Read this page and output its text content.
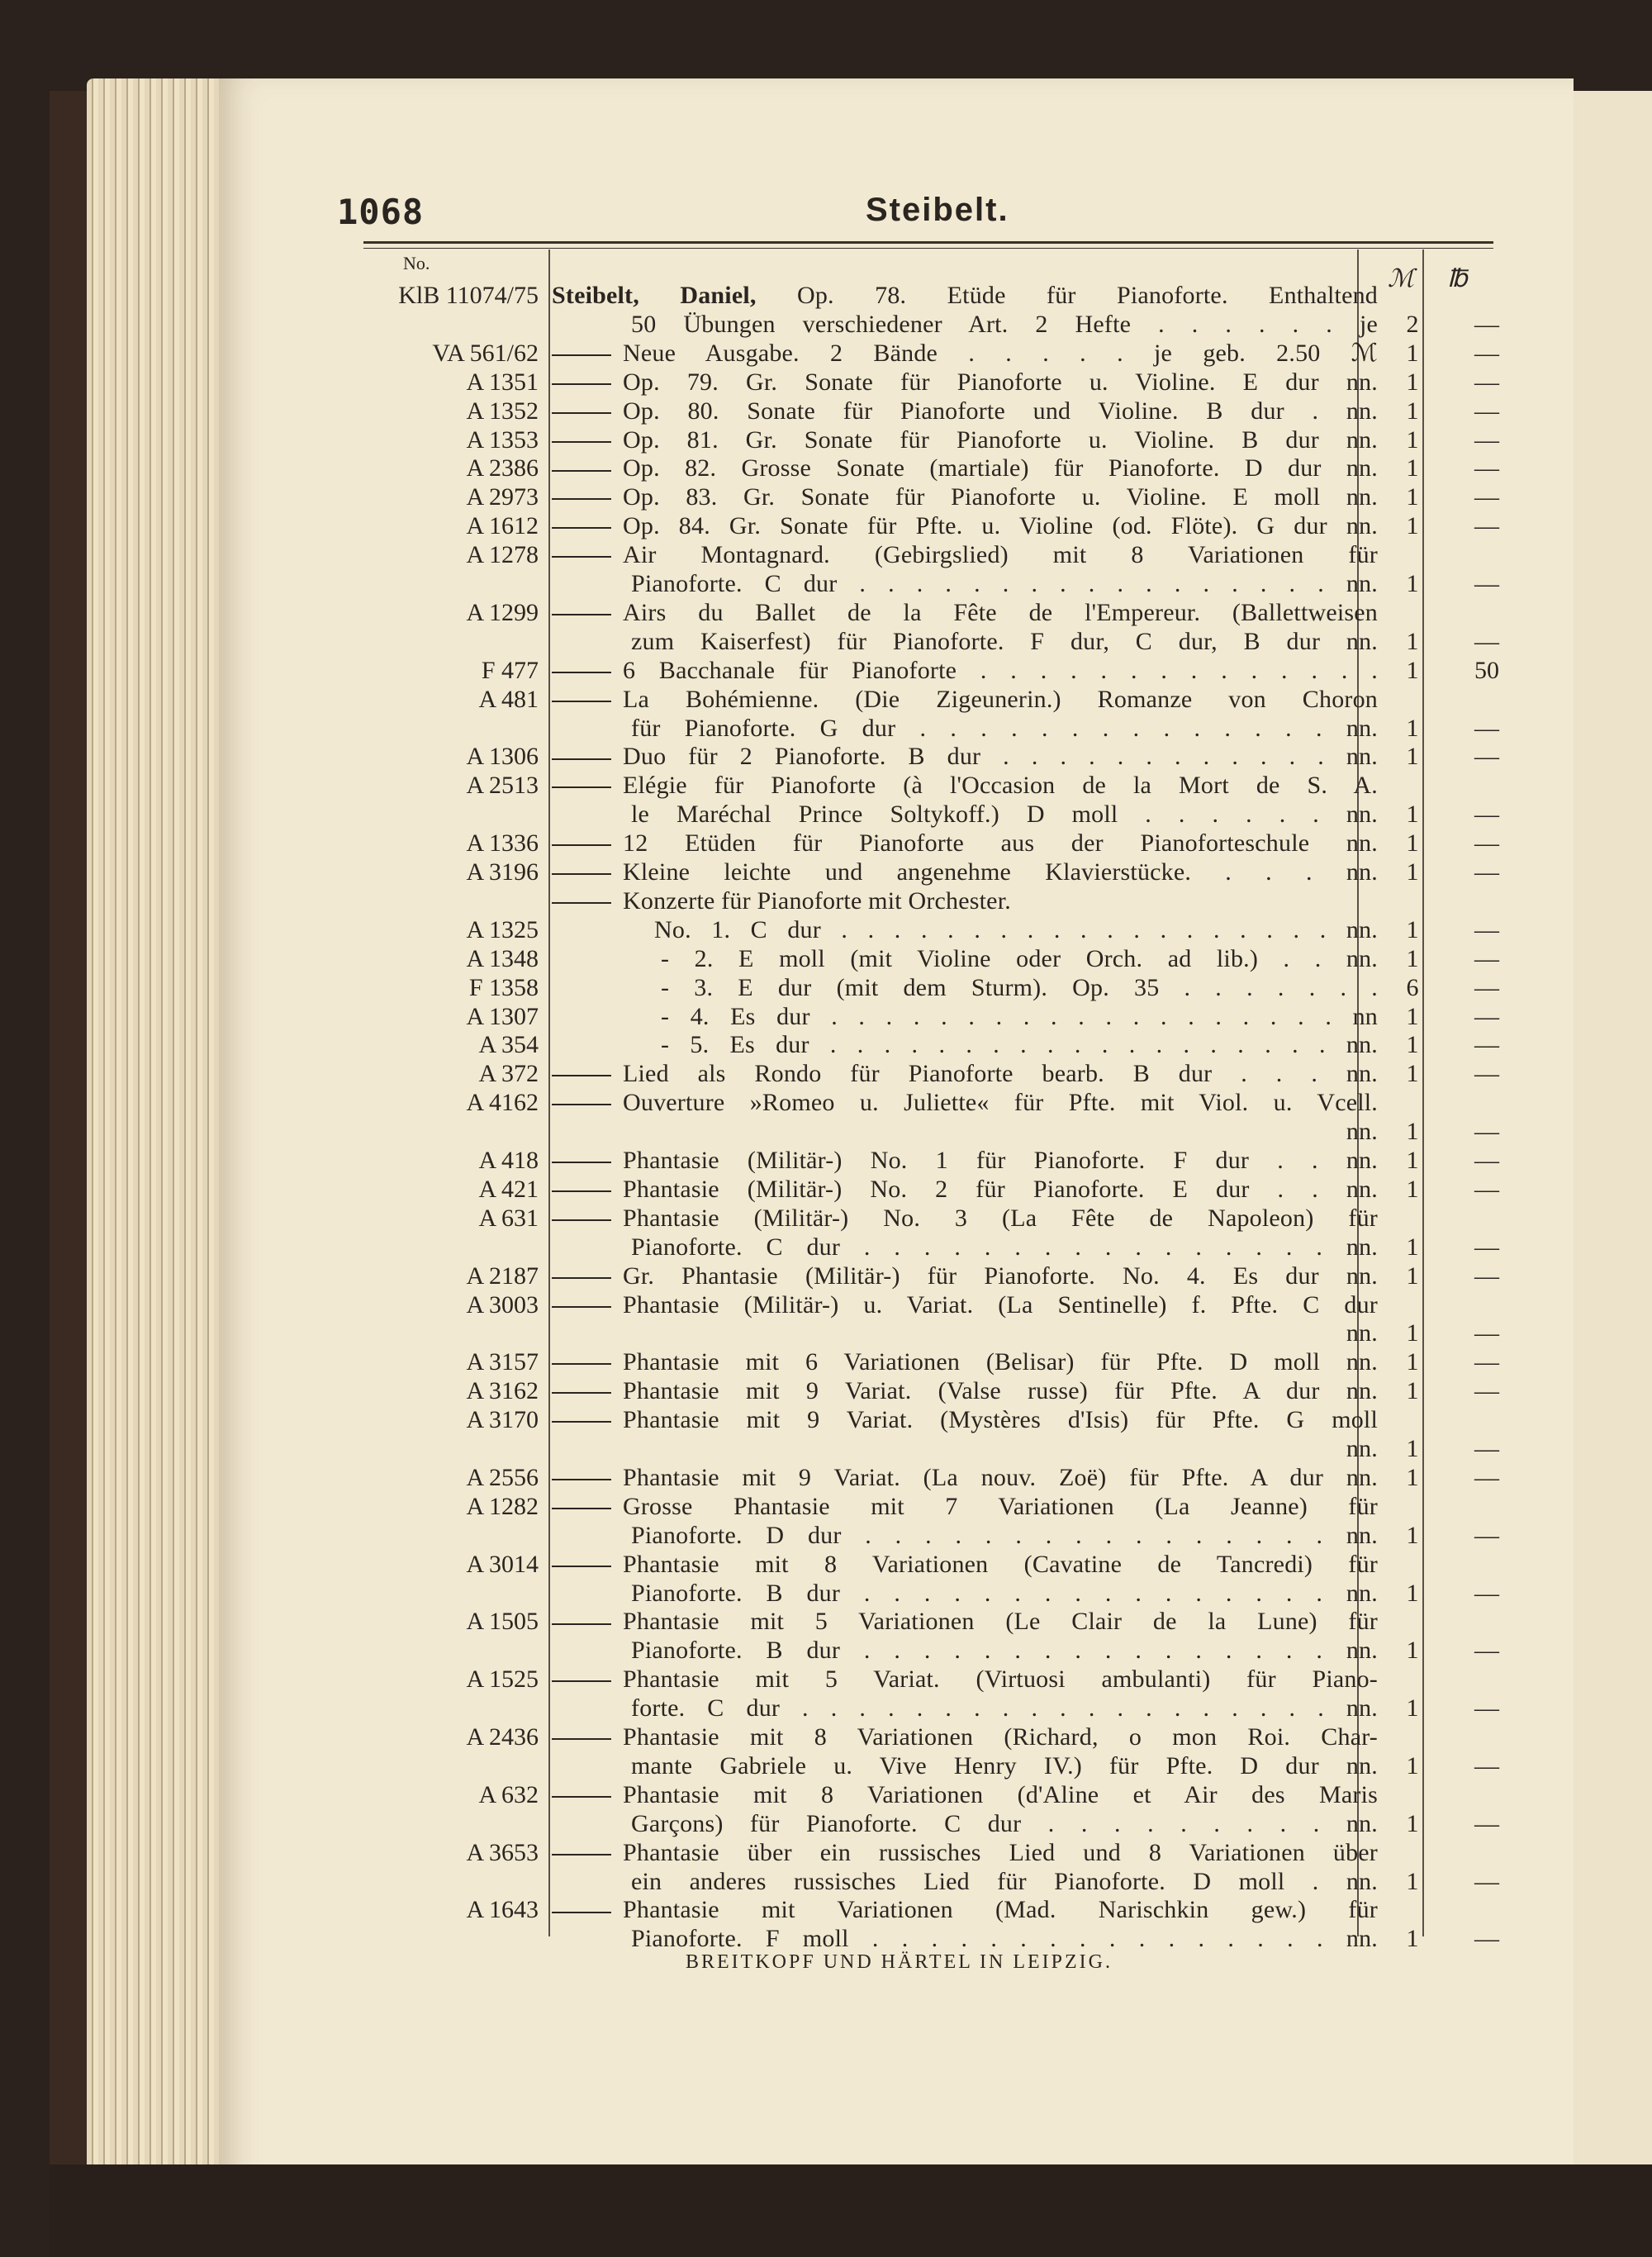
1068	Steibelt.
No.
ℳ ℔
KlB 11074/75 Steibelt, Daniel, Op. 78. Etüde für Pianoforte. Enthaltend
50 Übungen verschiedener Art. 2 Hefte . . . . . . je	2	—
VA 561/62	Neue Ausgabe. 2 Bände . . . . . je geb. 2.50 ℳ	1	—
A 1351	Op. 79. Gr. Sonate für Pianoforte u. Violine. E dur nn.	1	—
A 1352	Op. 80. Sonate für Pianoforte und Violine. B dur . nn.	1	—
A 1353	Op. 81. Gr. Sonate für Pianoforte u. Violine. B dur nn.	1	—
A 2386	Op. 82. Grosse Sonate (martiale) für Pianoforte. D dur nn.	1	—
A 2973	Op. 83. Gr. Sonate für Pianoforte u. Violine. E moll nn.	1	—
A 1612	Op. 84. Gr. Sonate für Pfte. u. Violine (od. Flöte). G dur nn.	1	—
A 1278	Air Montagnard. (Gebirgslied) mit 8 Variationen für
Pianoforte. C dur . . . . . . . . . . . . . . . . . nn.	1	—
A 1299	Airs du Ballet de la Fête de l'Empereur. (Ballettweisen
zum Kaiserfest) für Pianoforte. F dur, C dur, B dur nn.	1	—
F 477	6 Bacchanale für Pianoforte . . . . . . . . . . . . . .	1	50
A 481	La Bohémienne. (Die Zigeunerin.) Romanze von Choron
für Pianoforte. G dur . . . . . . . . . . . . . . nn.	1	—
A 1306	Duo für 2 Pianoforte. B dur . . . . . . . . . . . . nn.	1	—
A 2513	Elégie für Pianoforte (à l'Occasion de la Mort de S. A.
le Maréchal Prince Soltykoff.) D moll . . . . . . nn.	1	—
A 1336	12 Etüden für Pianoforte aus der Pianoforteschule nn.	1	—
A 3196	Kleine leichte und angenehme Klavierstücke. . . . nn.	1	—
Konzerte für Pianoforte mit Orchester.
A 1325	No. 1. C dur . . . . . . . . . . . . . . . . . . . nn.	1	—
A 1348	- 2. E moll (mit Violine oder Orch. ad lib.) . . nn.	1	—
F 1358	- 3. E dur (mit dem Sturm). Op. 35 . . . . . . .	6	—
A 1307	- 4. Es dur . . . . . . . . . . . . . . . . . . . nn	1	—
A 354	- 5. Es dur . . . . . . . . . . . . . . . . . . . nn.	1	—
A 372	Lied als Rondo für Pianoforte bearb. B dur . . . nn.	1	—
A 4162	Ouverture »Romeo u. Juliette« für Pfte. mit Viol. u. Vcell.
nn.	1	—
A 418	Phantasie (Militär-) No. 1 für Pianoforte. F dur . . nn.	1	—
A 421	Phantasie (Militär-) No. 2 für Pianoforte. E dur . . nn.	1	—
A 631	Phantasie (Militär-) No. 3 (La Fête de Napoleon) für
Pianoforte. C dur . . . . . . . . . . . . . . . . nn.	1	—
A 2187	Gr. Phantasie (Militär-) für Pianoforte. No. 4. Es dur nn.	1	—
A 3003	Phantasie (Militär-) u. Variat. (La Sentinelle) f. Pfte. C dur
nn.	1	—
A 3157	Phantasie mit 6 Variationen (Belisar) für Pfte. D moll nn.	1	—
A 3162	Phantasie mit 9 Variat. (Valse russe) für Pfte. A dur nn.	1	—
A 3170	Phantasie mit 9 Variat. (Mystères d'Isis) für Pfte. G moll
nn.	1	—
A 2556	Phantasie mit 9 Variat. (La nouv. Zoë) für Pfte. A dur nn.	1	—
A 1282	Grosse Phantasie mit 7 Variationen (La Jeanne) für
Pianoforte. D dur . . . . . . . . . . . . . . . . nn.	1	—
A 3014	Phantasie mit 8 Variationen (Cavatine de Tancredi) für
Pianoforte. B dur . . . . . . . . . . . . . . . . nn.	1	—
A 1505	Phantasie mit 5 Variationen (Le Clair de la Lune) für
Pianoforte. B dur . . . . . . . . . . . . . . . . nn.	1	—
A 1525	Phantasie mit 5 Variat. (Virtuosi ambulanti) für Piano-
forte. C dur . . . . . . . . . . . . . . . . . . . nn.	1	—
A 2436	Phantasie mit 8 Variationen (Richard, o mon Roi. Char-
mante Gabriele u. Vive Henry IV.) für Pfte. D dur nn.	1	—
A 632	Phantasie mit 8 Variationen (d'Aline et Air des Maris
Garçons) für Pianoforte. C dur . . . . . . . . . nn.	1	—
A 3653	Phantasie über ein russisches Lied und 8 Variationen über
ein anderes russisches Lied für Pianoforte. D moll . nn.	1	—
A 1643	Phantasie mit Variationen (Mad. Narischkin gew.) für
Pianoforte. F moll . . . . . . . . . . . . . . . . nn.	1	—
BREITKOPF UND HÄRTEL IN LEIPZIG.
